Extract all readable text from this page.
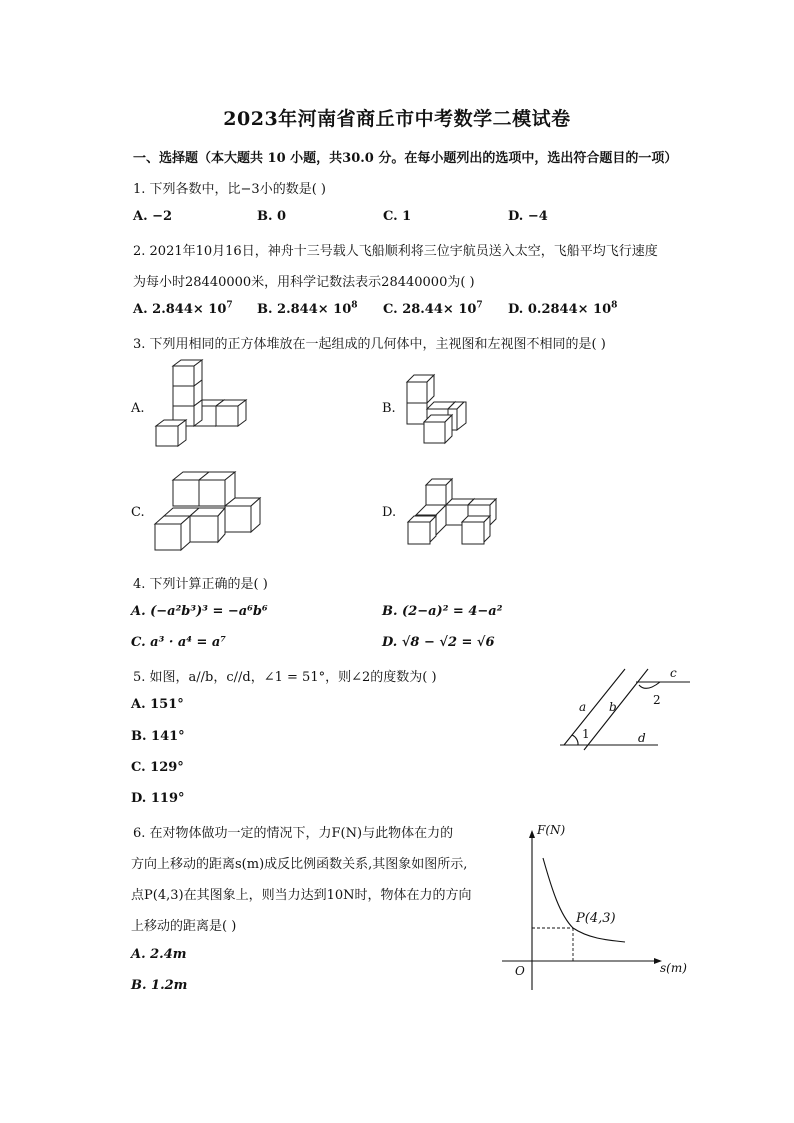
2023年河南省商丘市中考数学二模试卷
一、选择题（本大题共 10 小题，共30.0 分。在每小题列出的选项中，选出符合题目的一项）
1. 下列各数中，比−3小的数是( )
A. −2	B. 0	C. 1	D. −4
2. 2021年10月16日，神舟十三号载人飞船顺利将三位宇航员送入太空，飞船平均飞行速度
为每小时28440000米，用科学记数法表示28440000为( )
A. $2.844\times 10^7$ B. $2.844\times 10^8$ C. $28.44\times 10^7$ D. $0.2844\times 10^8$
3. 下列用相同的正方体堆放在一起组成的几何体中，主视图和左视图不相同的是( )
A.	B.
C.	D.
4. 下列计算正确的是( )
A. (−a²b³)³ = −a⁶b⁶	B. (2−a)² = 4−a²
C. a³ · a⁴ = a⁷	D. √8 − √2 = √6
5. 如图，a//b，c//d，∠1 = 51°，则∠2的度数为( )
A. 151°
B. 141°
C. 129°
D. 119°
a b
c
d
1
2
6. 在对物体做功一定的情况下，力F(N)与此物体在力的
方向上移动的距离s(m)成反比例函数关系,其图象如图所示,
点P(4,3)在其图象上，则当力达到10N时，物体在力的方向
上移动的距离是( )
A. 2.4m
B. 1.2m
F(N)
s(m)
O
P(4,3)
